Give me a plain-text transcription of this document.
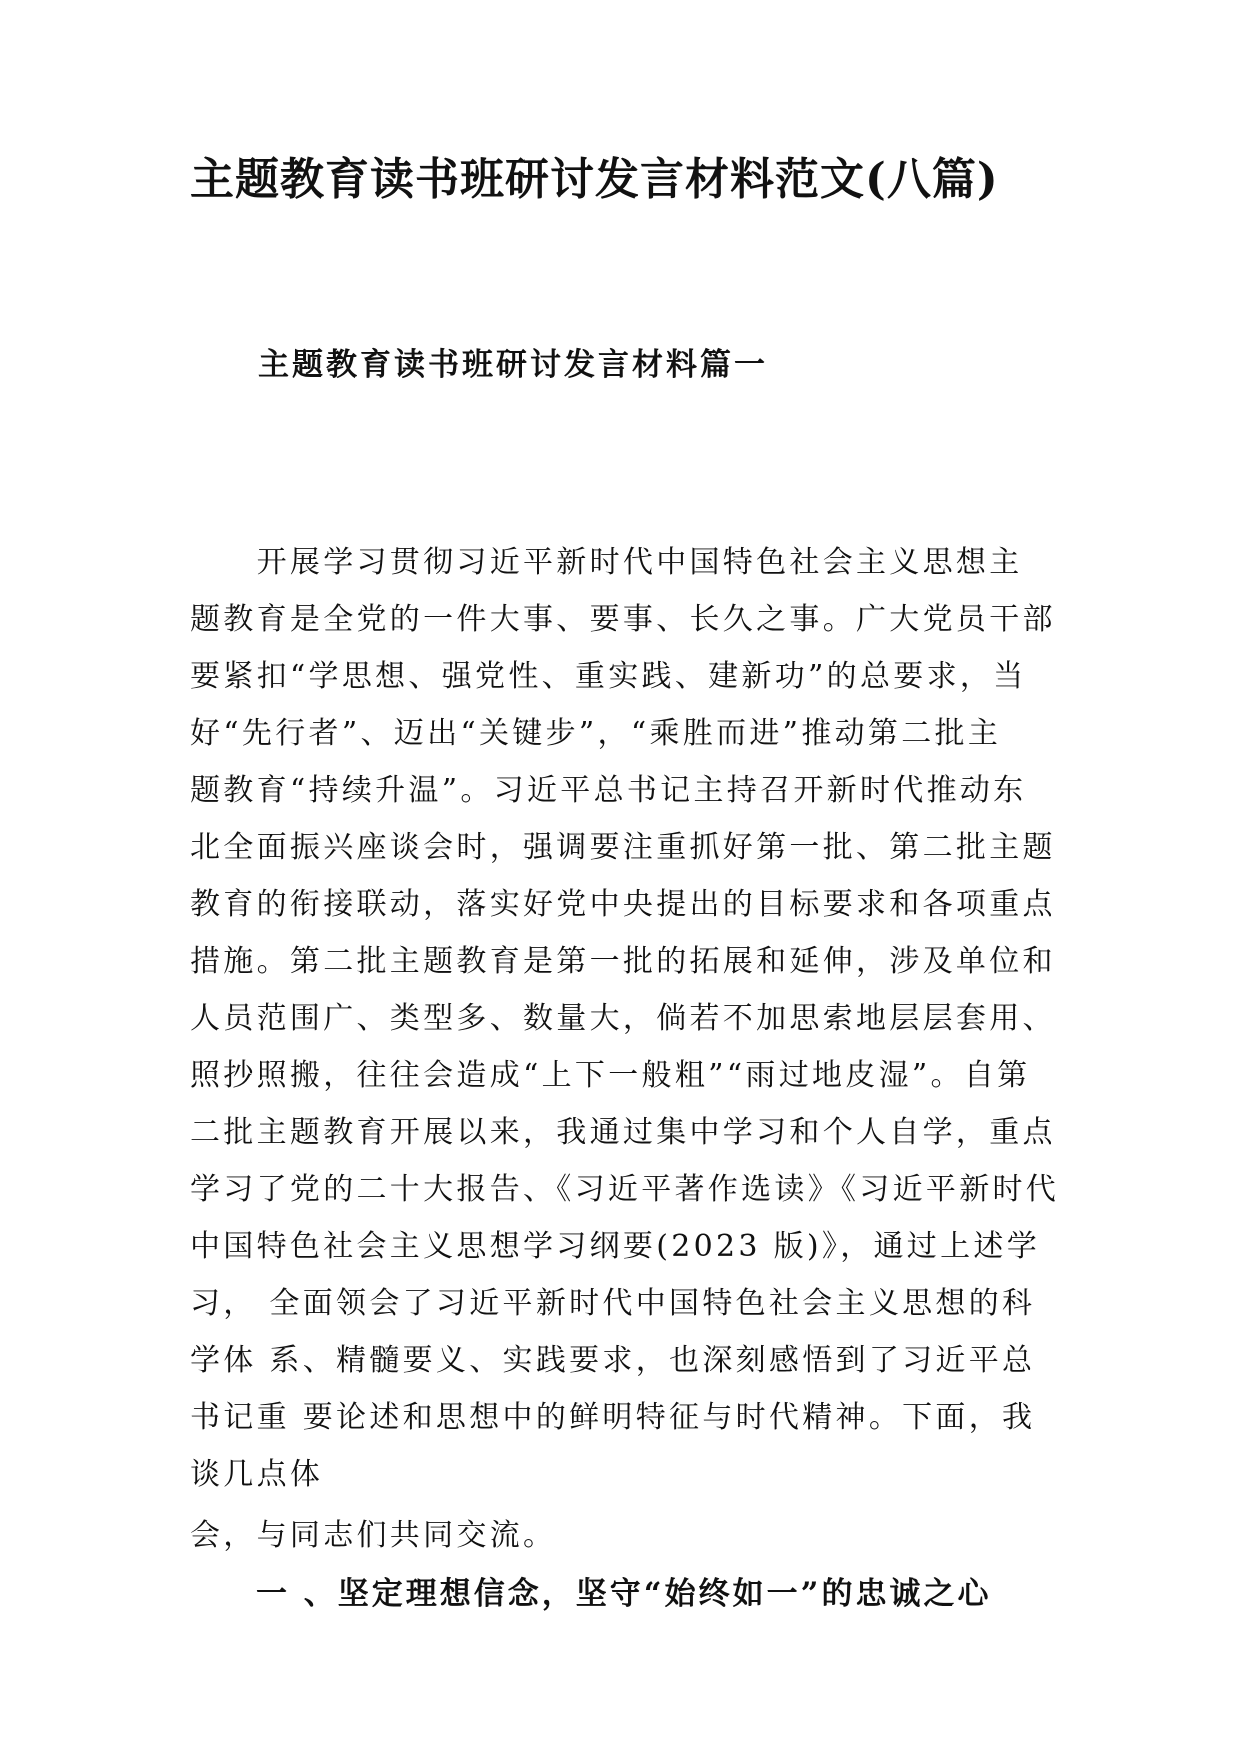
主题教育读书班研讨发言材料范文(八篇)
主题教育读书班研讨发言材料篇一
　　开展学习贯彻习近平新时代中国特色社会主义思想主
题教育是全党的一件大事、要事、长久之事。广大党员干部
要紧扣“学思想、强党性、重实践、建新功”的总要求，当
好“先行者”、迈出“关键步”，“乘胜而进”推动第二批主
题教育“持续升温”。习近平总书记主持召开新时代推动东
北全面振兴座谈会时，强调要注重抓好第一批、第二批主题
教育的衔接联动，落实好党中央提出的目标要求和各项重点
措施。第二批主题教育是第一批的拓展和延伸，涉及单位和
人员范围广、类型多、数量大，倘若不加思索地层层套用、
照抄照搬，往往会造成“上下一般粗”“雨过地皮湿”。自第
二批主题教育开展以来，我通过集中学习和个人自学，重点
学习了党的二十大报告、《习近平著作选读》《习近平新时代
中国特色社会主义思想学习纲要(2023 版)》，通过上述学
习， 全面领会了习近平新时代中国特色社会主义思想的科
学体 系、精髓要义、实践要求，也深刻感悟到了习近平总
书记重 要论述和思想中的鲜明特征与时代精神。下面，我
谈几点体
会，与同志们共同交流。
一 、坚定理想信念，坚守“始终如一”的忠诚之心
